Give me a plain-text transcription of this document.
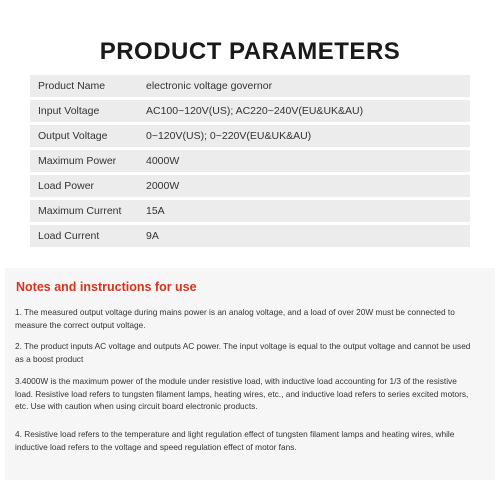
PRODUCT PARAMETERS
Product Name	electronic voltage governor
Input Voltage	AC100~120V(US); AC220~240V(EU&UK&AU)
Output Voltage	0~120V(US); 0~220V(EU&UK&AU)
Maximum Power	4000W
Load Power	2000W
Maximum Current 15A
Load Current	9A
Notes and instructions for use
1. The measured output voltage during mains power is an analog voltage, and a load of over 20W must be connected to measure the correct output voltage.
2. The product inputs AC voltage and outputs AC power. The input voltage is equal to the output voltage and cannot be used as a boost product
3.4000W is the maximum power of the module under resistive load, with inductive load accounting for 1/3 of the resistive load. Resistive load refers to tungsten filament lamps, heating wires, etc., and inductive load refers to series excited motors, etc. Use with caution when using circuit board electronic products.
4. Resistive load refers to the temperature and light regulation effect of tungsten filament lamps and heating wires, while inductive load refers to the voltage and speed regulation effect of motor fans.
